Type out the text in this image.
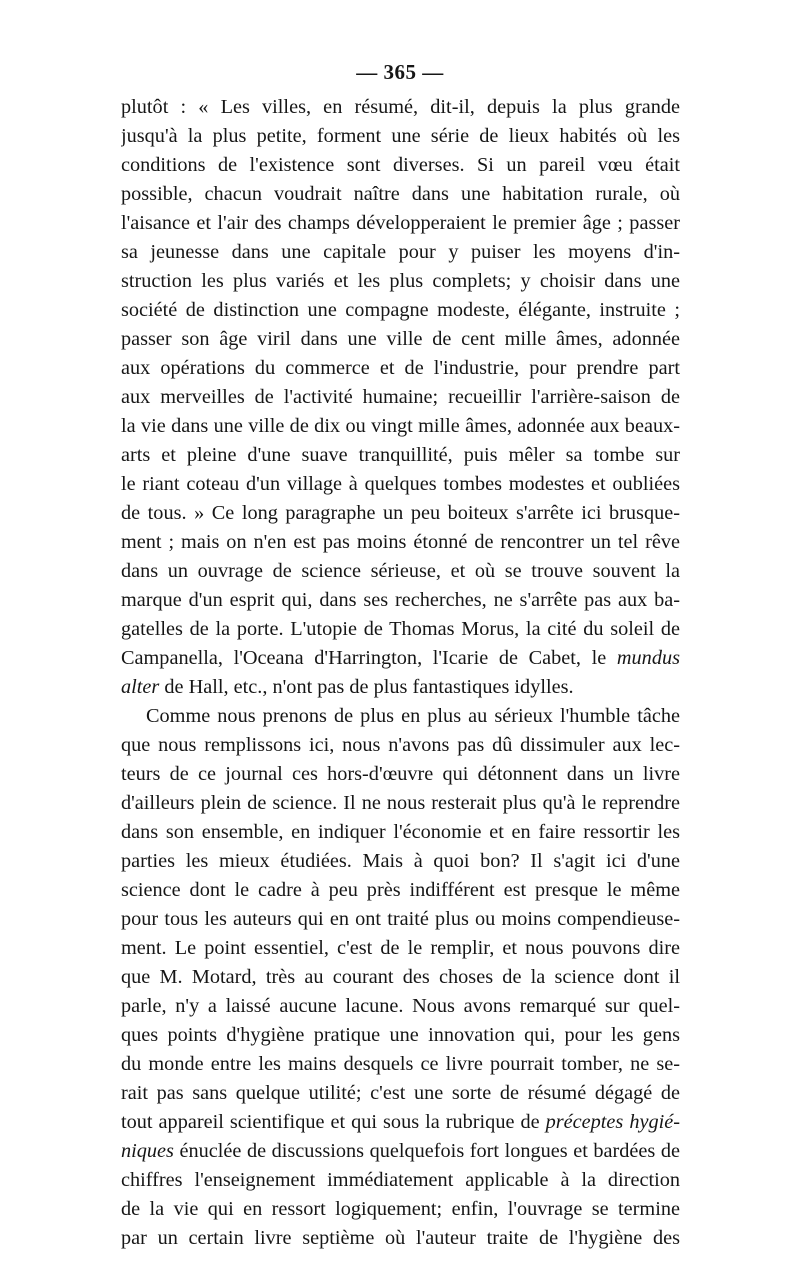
— 365 —
plutôt : « Les villes, en résumé, dit-il, depuis la plus grande
jusqu'à la plus petite, forment une série de lieux habités où les
conditions de l'existence sont diverses. Si un pareil vœu était
possible, chacun voudrait naître dans une habitation rurale, où
l'aisance et l'air des champs développeraient le premier âge ; passer
sa jeunesse dans une capitale pour y puiser les moyens d'in-
struction les plus variés et les plus complets; y choisir dans une
société de distinction une compagne modeste, élégante, instruite ;
passer son âge viril dans une ville de cent mille âmes, adonnée
aux opérations du commerce et de l'industrie, pour prendre part
aux merveilles de l'activité humaine; recueillir l'arrière-saison de
la vie dans une ville de dix ou vingt mille âmes, adonnée aux beaux-
arts et pleine d'une suave tranquillité, puis mêler sa tombe sur
le riant coteau d'un village à quelques tombes modestes et oubliées
de tous. » Ce long paragraphe un peu boiteux s'arrête ici brusque-
ment ; mais on n'en est pas moins étonné de rencontrer un tel rêve
dans un ouvrage de science sérieuse, et où se trouve souvent la
marque d'un esprit qui, dans ses recherches, ne s'arrête pas aux ba-
gatelles de la porte. L'utopie de Thomas Morus, la cité du soleil de
Campanella, l'Oceana d'Harrington, l'Icarie de Cabet, le mundus
alter de Hall, etc., n'ont pas de plus fantastiques idylles.
Comme nous prenons de plus en plus au sérieux l'humble tâche
que nous remplissons ici, nous n'avons pas dû dissimuler aux lec-
teurs de ce journal ces hors-d'œuvre qui détonnent dans un livre
d'ailleurs plein de science. Il ne nous resterait plus qu'à le reprendre
dans son ensemble, en indiquer l'économie et en faire ressortir les
parties les mieux étudiées. Mais à quoi bon? Il s'agit ici d'une
science dont le cadre à peu près indifférent est presque le même
pour tous les auteurs qui en ont traité plus ou moins compendieuse-
ment. Le point essentiel, c'est de le remplir, et nous pouvons dire
que M. Motard, très au courant des choses de la science dont il
parle, n'y a laissé aucune lacune. Nous avons remarqué sur quel-
ques points d'hygiène pratique une innovation qui, pour les gens
du monde entre les mains desquels ce livre pourrait tomber, ne se-
rait pas sans quelque utilité; c'est une sorte de résumé dégagé de
tout appareil scientifique et qui sous la rubrique de préceptes hygié-
niques énuclée de discussions quelquefois fort longues et bardées de
chiffres l'enseignement immédiatement applicable à la direction
de la vie qui en ressort logiquement; enfin, l'ouvrage se termine
par un certain livre septième où l'auteur traite de l'hygiène des
